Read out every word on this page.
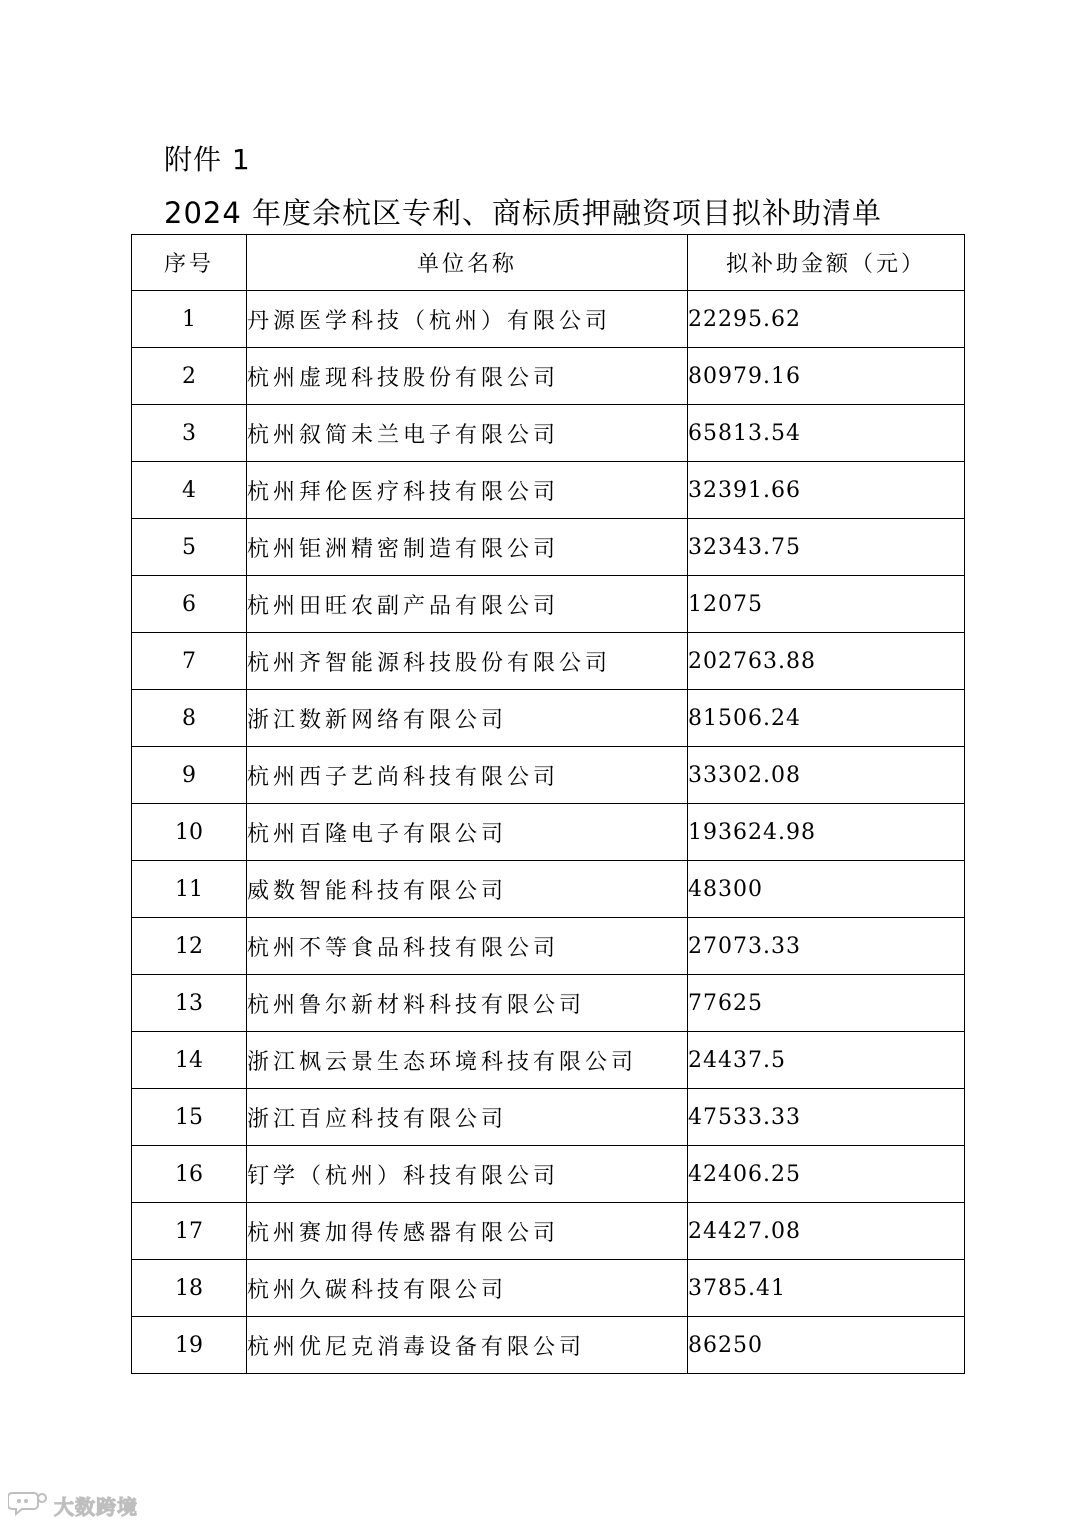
附件 1
2024 年度余杭区专利、商标质押融资项目拟补助清单
序号	单位名称	拟补助金额（元）
1	丹源医学科技（杭州）有限公司	22295.62
2	杭州虚现科技股份有限公司	80979.16
3	杭州叙简未兰电子有限公司	65813.54
4	杭州拜伦医疗科技有限公司	32391.66
5	杭州钜洲精密制造有限公司	32343.75
6	杭州田旺农副产品有限公司	12075
7	杭州齐智能源科技股份有限公司	202763.88
8	浙江数新网络有限公司	81506.24
9	杭州西子艺尚科技有限公司	33302.08
10	杭州百隆电子有限公司	193624.98
11	威数智能科技有限公司	48300
12	杭州不等食品科技有限公司	27073.33
13	杭州鲁尔新材料科技有限公司	77625
14	浙江枫云景生态环境科技有限公司	24437.5
15	浙江百应科技有限公司	47533.33
16	钉学（杭州）科技有限公司	42406.25
17	杭州赛加得传感器有限公司	24427.08
18	杭州久碳科技有限公司	3785.41
19	杭州优尼克消毒设备有限公司	86250
大数跨境
